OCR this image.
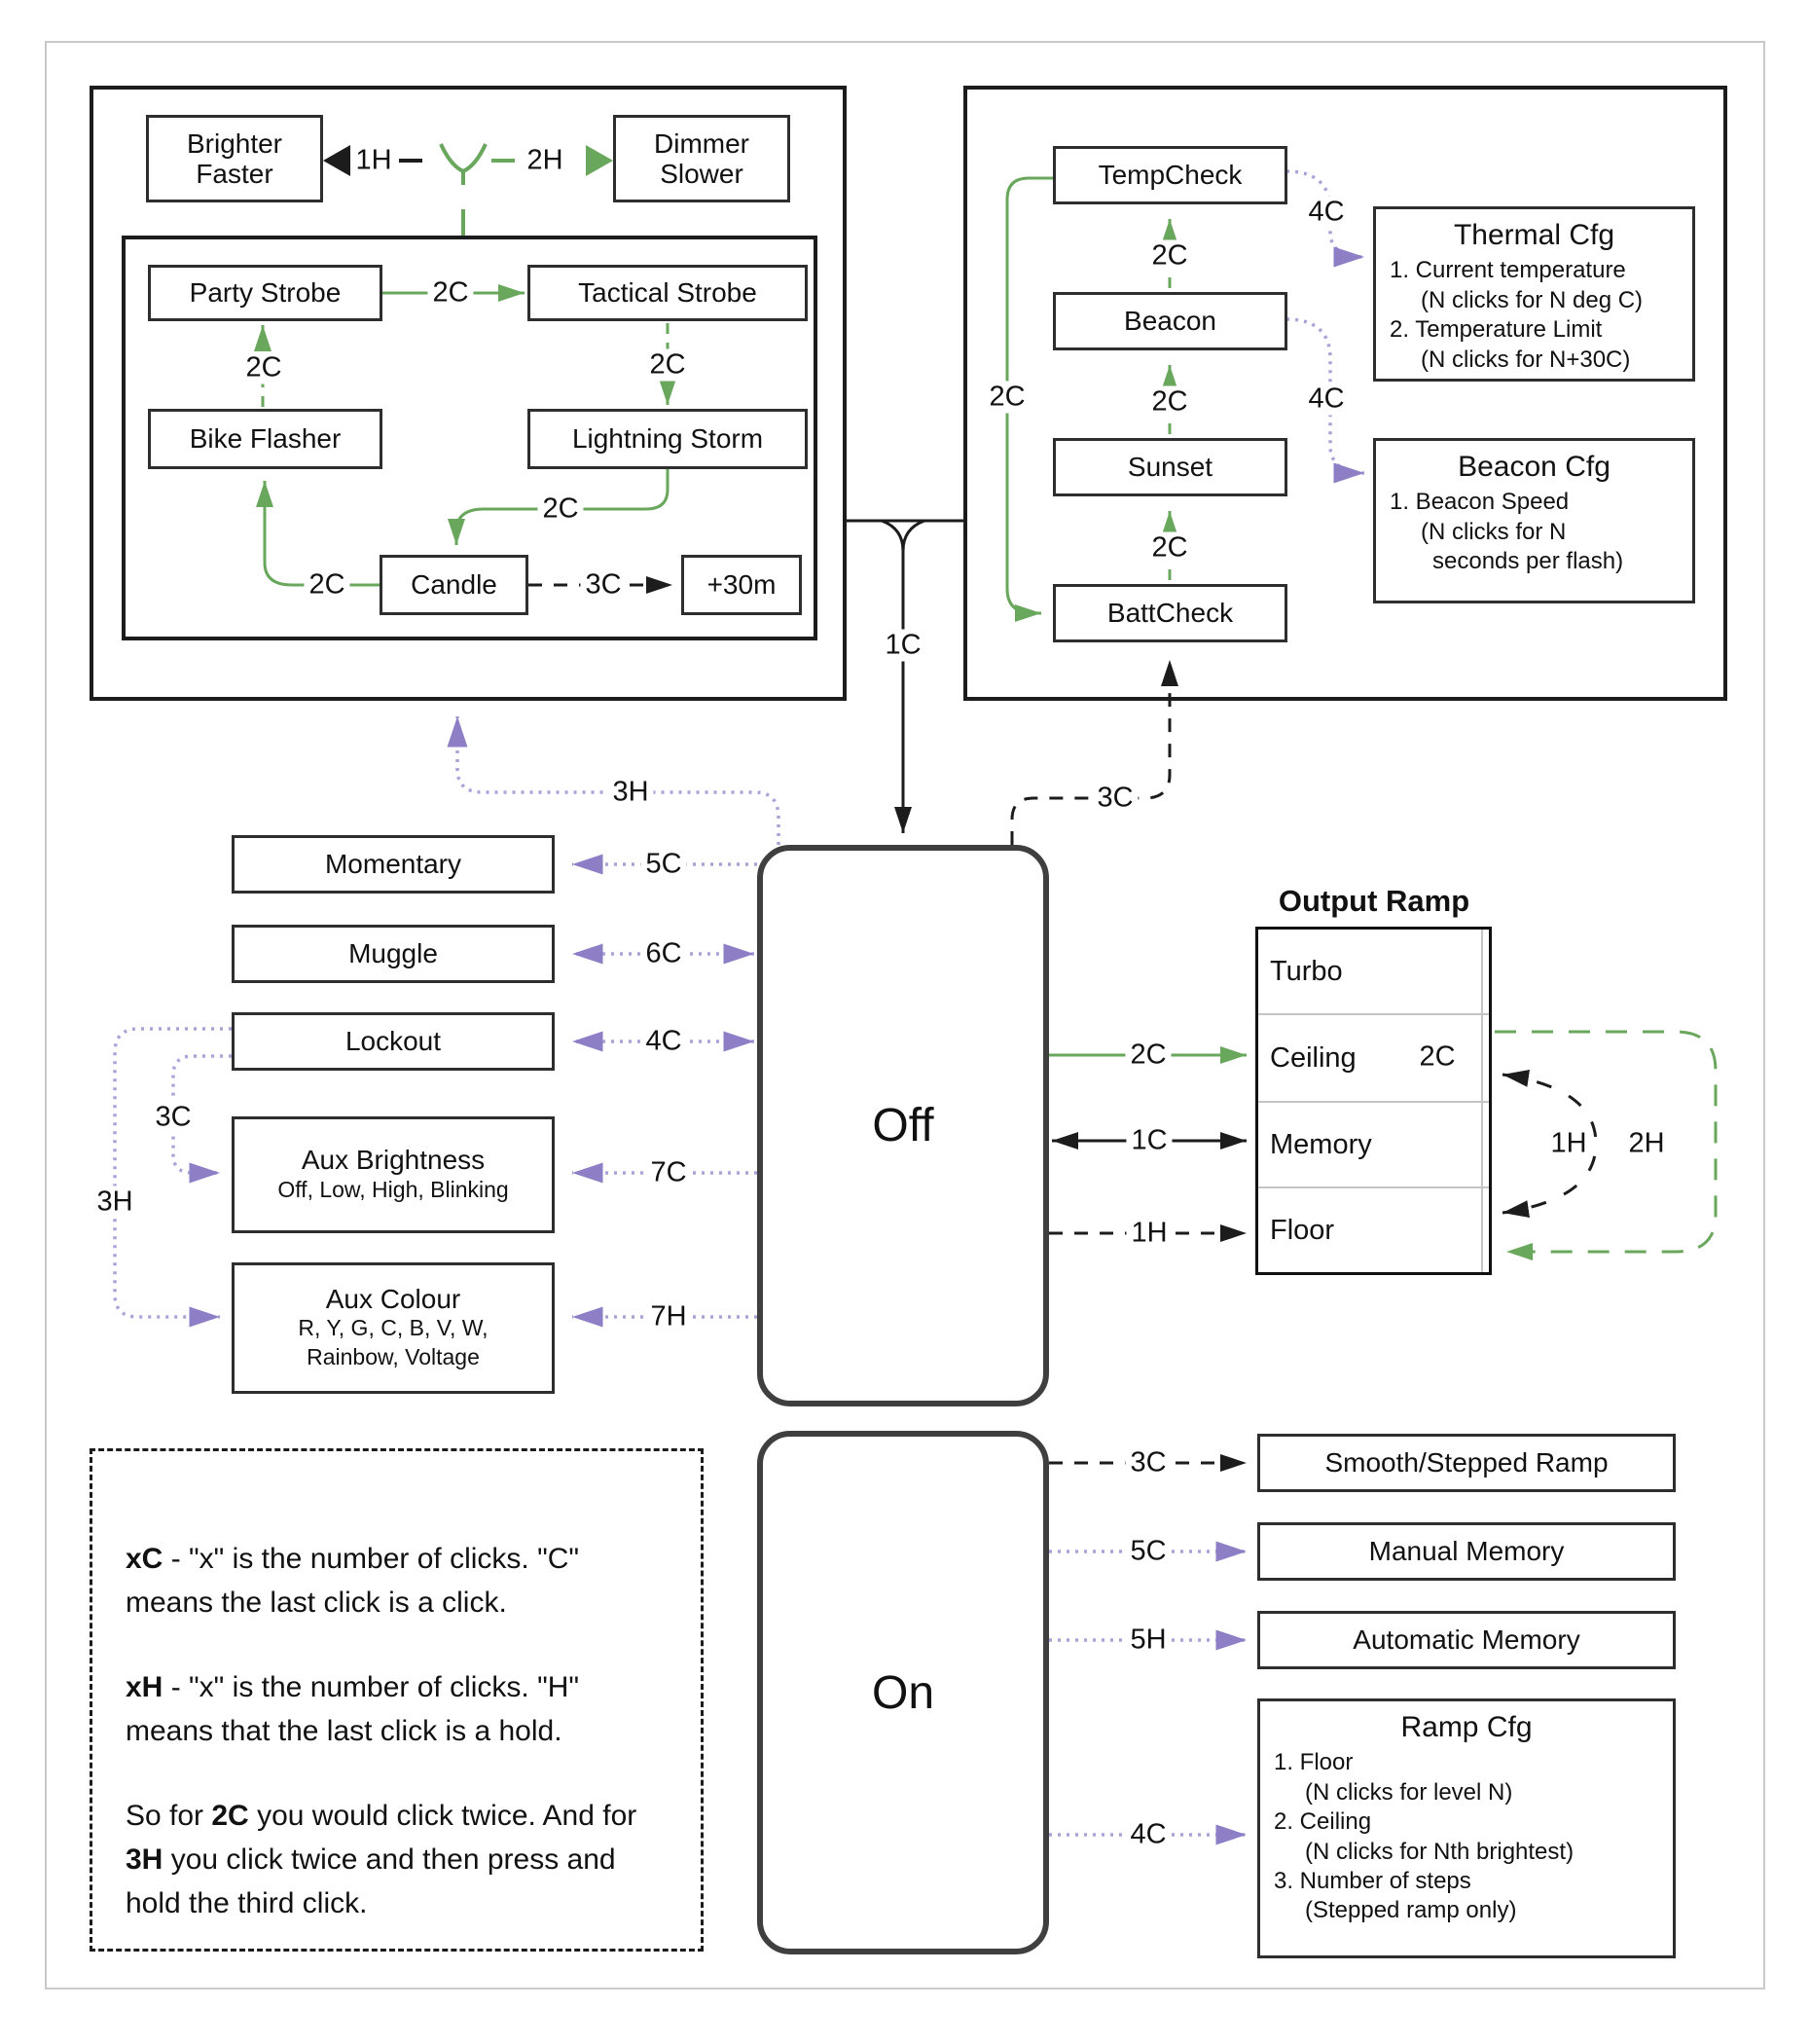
Brighter
Faster
Dimmer
Slower
1H	2H
Party Strobe	Tactical Strobe
Bike Flasher	Lightning Storm
Candle	+30m
2C
2C	2C
2C
2C	3C
TempCheck
Beacon
Sunset
BattCheck
2C
2C
2C
2C
4C
4C
Thermal Cfg
1. Current temperature
(N clicks for N deg C)
2. Temperature Limit
(N clicks for N+30C)
Beacon Cfg
1. Beacon Speed
(N clicks for N
seconds per flash)
1C
3H	3C
Off
Momentary
Muggle
Lockout
Aux Brightness
Off, Low, High, Blinking
Aux Colour
R, Y, G, C, B, V, W,
Rainbow, Voltage
5C
6C
4C
7C
7H
3C
3H
Output Ramp
Turbo
Ceiling
Memory
Floor
2C
1C
1H
2C
1H 2H
On
Smooth/Stepped Ramp
Manual Memory
Automatic Memory
Ramp Cfg
1. Floor
(N clicks for level N)
2. Ceiling
(N clicks for Nth brightest)
3. Number of steps
(Stepped ramp only)
3C
5C
5H
4C

xC - "x" is the number of clicks. "C" means the last click is a click.

xH - "x" is the number of clicks. "H" means that the last click is a hold.

So for 2C you would click twice. And for 3H you click twice and then press and hold the third click.
